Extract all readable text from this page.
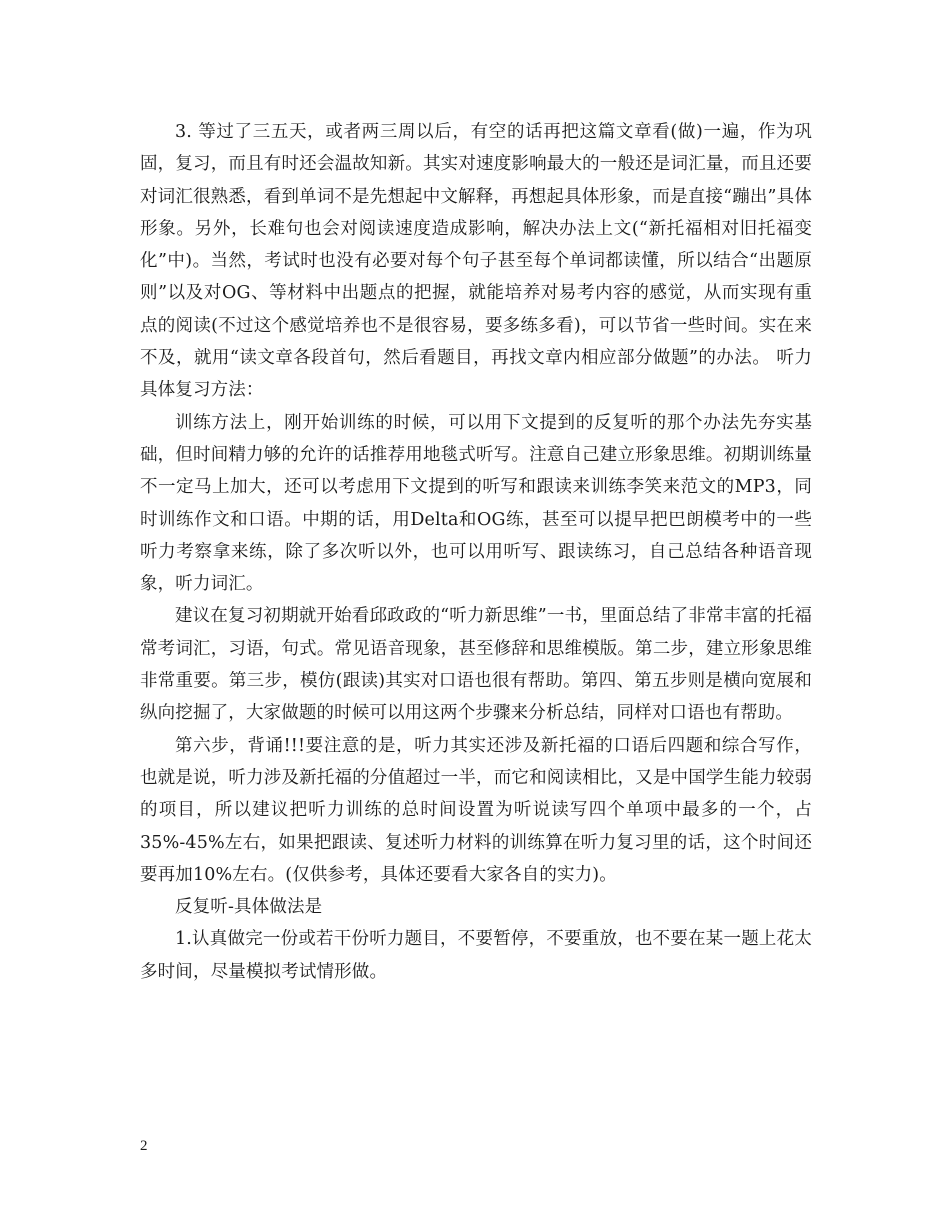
3. 等过了三五天，或者两三周以后，有空的话再把这篇文章看(做)一遍，作为巩固，复习，而且有时还会温故知新。其实对速度影响最大的一般还是词汇量，而且还要对词汇很熟悉，看到单词不是先想起中文解释，再想起具体形象，而是直接“蹦出”具体形象。另外，长难句也会对阅读速度造成影响，解决办法上文(“新托福相对旧托福变化”中)。当然，考试时也没有必要对每个句子甚至每个单词都读懂，所以结合“出题原则”以及对OG、等材料中出题点的把握，就能培养对易考内容的感觉，从而实现有重点的阅读(不过这个感觉培养也不是很容易，要多练多看)，可以节省一些时间。实在来不及，就用“读文章各段首句，然后看题目，再找文章内相应部分做题”的办法。 听力具体复习方法：

训练方法上，刚开始训练的时候，可以用下文提到的反复听的那个办法先夯实基础，但时间精力够的允许的话推荐用地毯式听写。注意自己建立形象思维。初期训练量不一定马上加大，还可以考虑用下文提到的听写和跟读来训练李笑来范文的MP3，同时训练作文和口语。中期的话，用Delta和OG练，甚至可以提早把巴朗模考中的一些听力考察拿来练，除了多次听以外，也可以用听写、跟读练习，自己总结各种语音现象，听力词汇。

建议在复习初期就开始看邱政政的“听力新思维”一书，里面总结了非常丰富的托福常考词汇，习语，句式。常见语音现象，甚至修辞和思维模版。第二步，建立形象思维非常重要。第三步，模仿(跟读)其实对口语也很有帮助。第四、第五步则是横向宽展和纵向挖掘了，大家做题的时候可以用这两个步骤来分析总结，同样对口语也有帮助。

第六步，背诵!!!要注意的是，听力其实还涉及新托福的口语后四题和综合写作，也就是说，听力涉及新托福的分值超过一半，而它和阅读相比，又是中国学生能力较弱的项目，所以建议把听力训练的总时间设置为听说读写四个单项中最多的一个，占35%-45%左右，如果把跟读、复述听力材料的训练算在听力复习里的话，这个时间还要再加10%左右。(仅供参考，具体还要看大家各自的实力)。

反复听-具体做法是

1.认真做完一份或若干份听力题目，不要暂停，不要重放，也不要在某一题上花太多时间，尽量模拟考试情形做。

2
